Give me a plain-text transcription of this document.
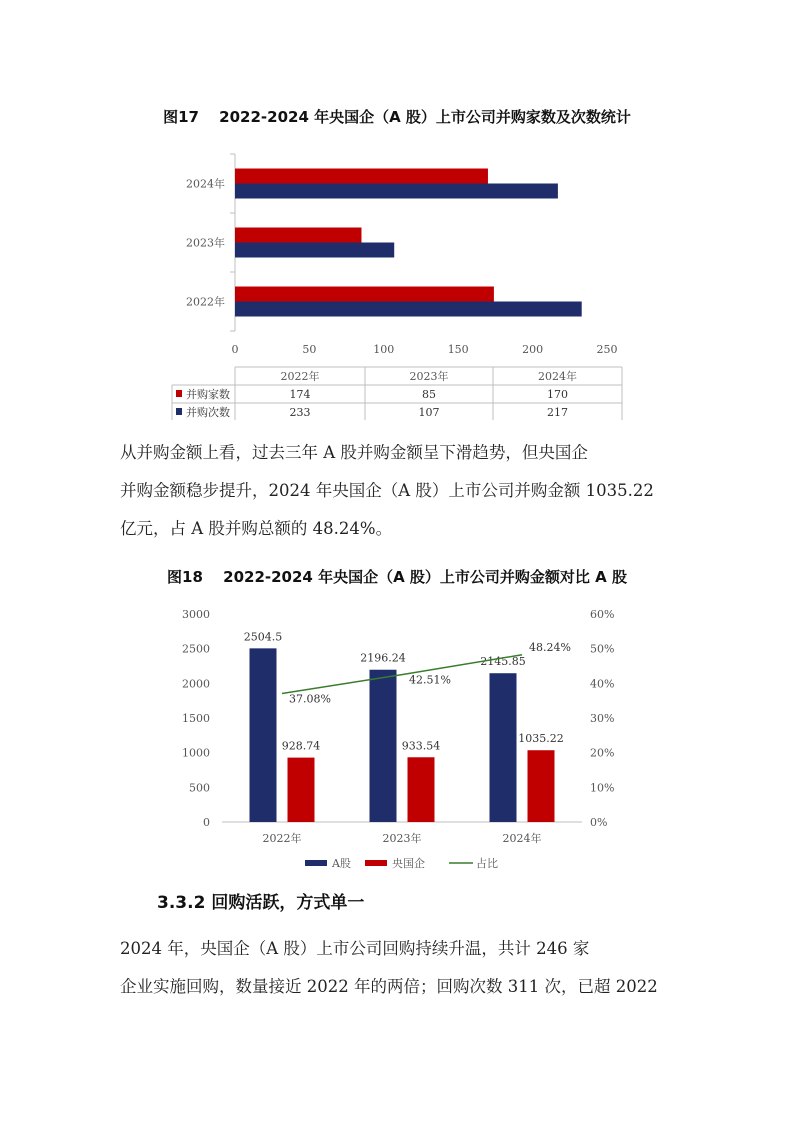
图17　 2022-2024 年央国企（A 股）上市公司并购家数及次数统计
2024年
2023年
2022年
0	50	100	150	200	250
2022年	2023年	2024年
并购家数	174	85	170
并购次数	233	107	217
从并购金额上看，过去三年 A 股并购金额呈下滑趋势，但央国企
并购金额稳步提升，2024 年央国企（A 股）上市公司并购金额 1035.22
亿元，占 A 股并购总额的 48.24%。
图18　 2022-2024 年央国企（A 股）上市公司并购金额对比 A 股
0
500
1000
1500
2000
2500
3000
0%
10%
20%
30%
40%
50%
60%
2022年
2504.5
928.74
2023年
2196.24
933.54
2024年
2145.85
1035.22
37.08%
42.51%
48.24%
A股	央国企	占比
3.3.2 回购活跃，方式单一
2024 年，央国企（A 股）上市公司回购持续升温，共计 246 家
企业实施回购，数量接近 2022 年的两倍；回购次数 311 次，已超 2022
